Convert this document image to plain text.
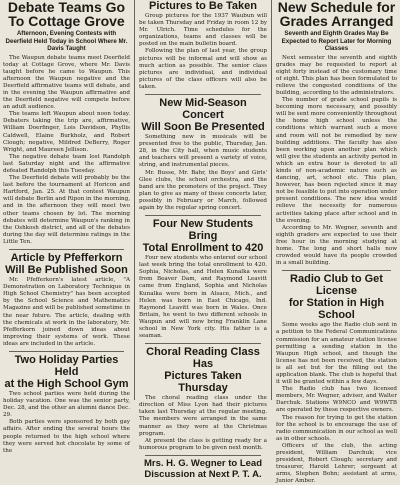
Debate Teams Go
To Cottage Grove
Afternoon, Evening Contests with Deerfield Held Today in School Where Mr. Davis Taught

The Waupun debate teams meet Deerfield today at Cottage Grove, where Mr. Davis taught before he came to Waupun. This afternoon the Waupun negative and the Deerfield affirmative teams will debate, and in the evening the Waupun affirmative and the Deerfield negative will compete before an adult audience.

The teams left Waupun about noon today. Debaters taking the trip are, affirmative, William Doerfinger, Lois Davidson, Phyllis Caldwell, Elaine Burkholz, and Robert Clough; negative, Mildred DeBerry, Roger Wright, and Maureen Jellison.

The negative debate team lost Randolph last Saturday night and the affirmative defeated Randolph this Tuesday.

The Deerfield debate will probably be the last before the tournament at Horicon and Hartford, Jan. 25. At that contest Waupun will debate Berlin and Ripon in the morning, and in the afternoon they will meet two other teams chosen by lot. The morning debates will determine Waupun's ranking in the Oshkosh district, and all of the debates during the day will determine ratings in the Little Ten.

Article by Pfefferkorn
Will Be Published Soon

Mr. Pfefferkorn's latest article, "A Demonstration on Laboratory Technique in High School Chemistry" has been accepted by the School Science and Mathematics Magazine and will be published sometime in the near future. The article, dealing with the chemicals at work in the laboratory, Mr. Pfefferkorn joined down ideas about improving their systems of work. These ideas are included in the article.

Two Holiday Parties Held
at the High School Gym

Two school parties were held during the holiday vacation. One was the senior party, Dec. 28, and the other an alumni dance Dec. 29.

Both parties were sponsored by both gay affairs. After ending the several hours the people returned to the high school where they were served hot chocolate by some of the

Pictures to Be Taken

Group pictures for the 1937 Waubun will be taken Thursday and Friday in room 12 by Mr. Ulrich. Time schedules for the organizations, teams and classes will be posted on the main bulletin board.

Following the plan of last year, the group pictures will be informal and will show as much action as possible. The senior class pictures are individual, and individual pictures of the class officers will also be taken.

New Mid-Season Concert
Will Soon Be Presented

Something new in musicals will be presented free to the public, Thursday, Jan. 28, in the City hall, when music students and teachers will present a variety of voice, string, and instrumental pieces.

Mr. Busse, Mr. Bahr, the Boys' and Girls' Glee clubs, the school orchestra, and the band are the promoters of the project. They plan to give as many of these concerts later, possibly in February or March, followed again by the regular spring concert.

Four New Students Bring
Total Enrollment to 420

Four new students who entered our school last week bring the total enrollment to 420. Sophia, Nicholas, and Helen Kunalka were from Beaver Dam, and Raymond Leavitt came from England, Sophia and Nicholas Kunalka were born in Alsace, Mich., and Helen was born in East Chicago, Ind. Raymond Leavitt was born in Wales. Once Britain, he went to two different schools in Waupun and will now bring Franklin Lane school in New York city. His father is a seaman.

Choral Reading Class Has
Pictures Taken Thursday

The choral reading class under the direction of Miss Lyon had their pictures taken last Thursday at the regular meeting. The members were arranged in the same manner as they were at the Christmas program.

At present the class is getting ready for a humorous program to be given next month.

Mrs. H. G. Wegner to Lead
Discussion at Next P. T. A.
New Schedule for
Grades Arranged
Seventh and Eighth Grades May Be Expected to Report Later for Morning Classes

Next semester the seventh and eighth grades may be requested to report at eight forty instead of the customary time of eight. This plan has been formulated to relieve the congested conditions of the building, according to the administrators.

The number of grade school pupils is becoming more necessary, and possibly will be sent more conveniently throughout the home high school unless the conditions which warrant such a move and room will not be remedied by new building additions. The faculty has also been working upon another plan which will give the students an activity period in which an extra hour is devoted to all kinds of non-academic nature such as dancing, art, school etc. This plan, however, has been rejected since it may not be feasible to put into operation under present conditions. The new idea would relieve the necessity for numerous activities taking place after school and in the evening.

According to Mr. Wegner, seventh and eighth graders are expected to use their free hour in the morning studying at home. The long and short halls now crowded would have its people crowded in a small building.

Radio Club to Get License
for Station in High School

Some weeks ago the Radio club sent in a petition to the Federal Communications commission for an amateur station license permitting a sending station in the Waupun High school, and though the license has not been received, the station is all set but for the filling out the application blank. The club is hopeful that it will be granted within a few days.

The Radio club has two licensed members, Mr. Wegner, adviser, and Walter Darchuk. Stations W9NCO and W9WTB are operated by these respective owners.

The reason for trying to get the station for the school is to encourage the use of radio communication in our school as well as in other schools.

Officers of the club, the acting president, William Darchuk; vice president, Robert Clough; secretary and treasurer, Harold Lehrer; sergeant at arms, Stephen Bohn; assistant at arms, Junior Amber.
